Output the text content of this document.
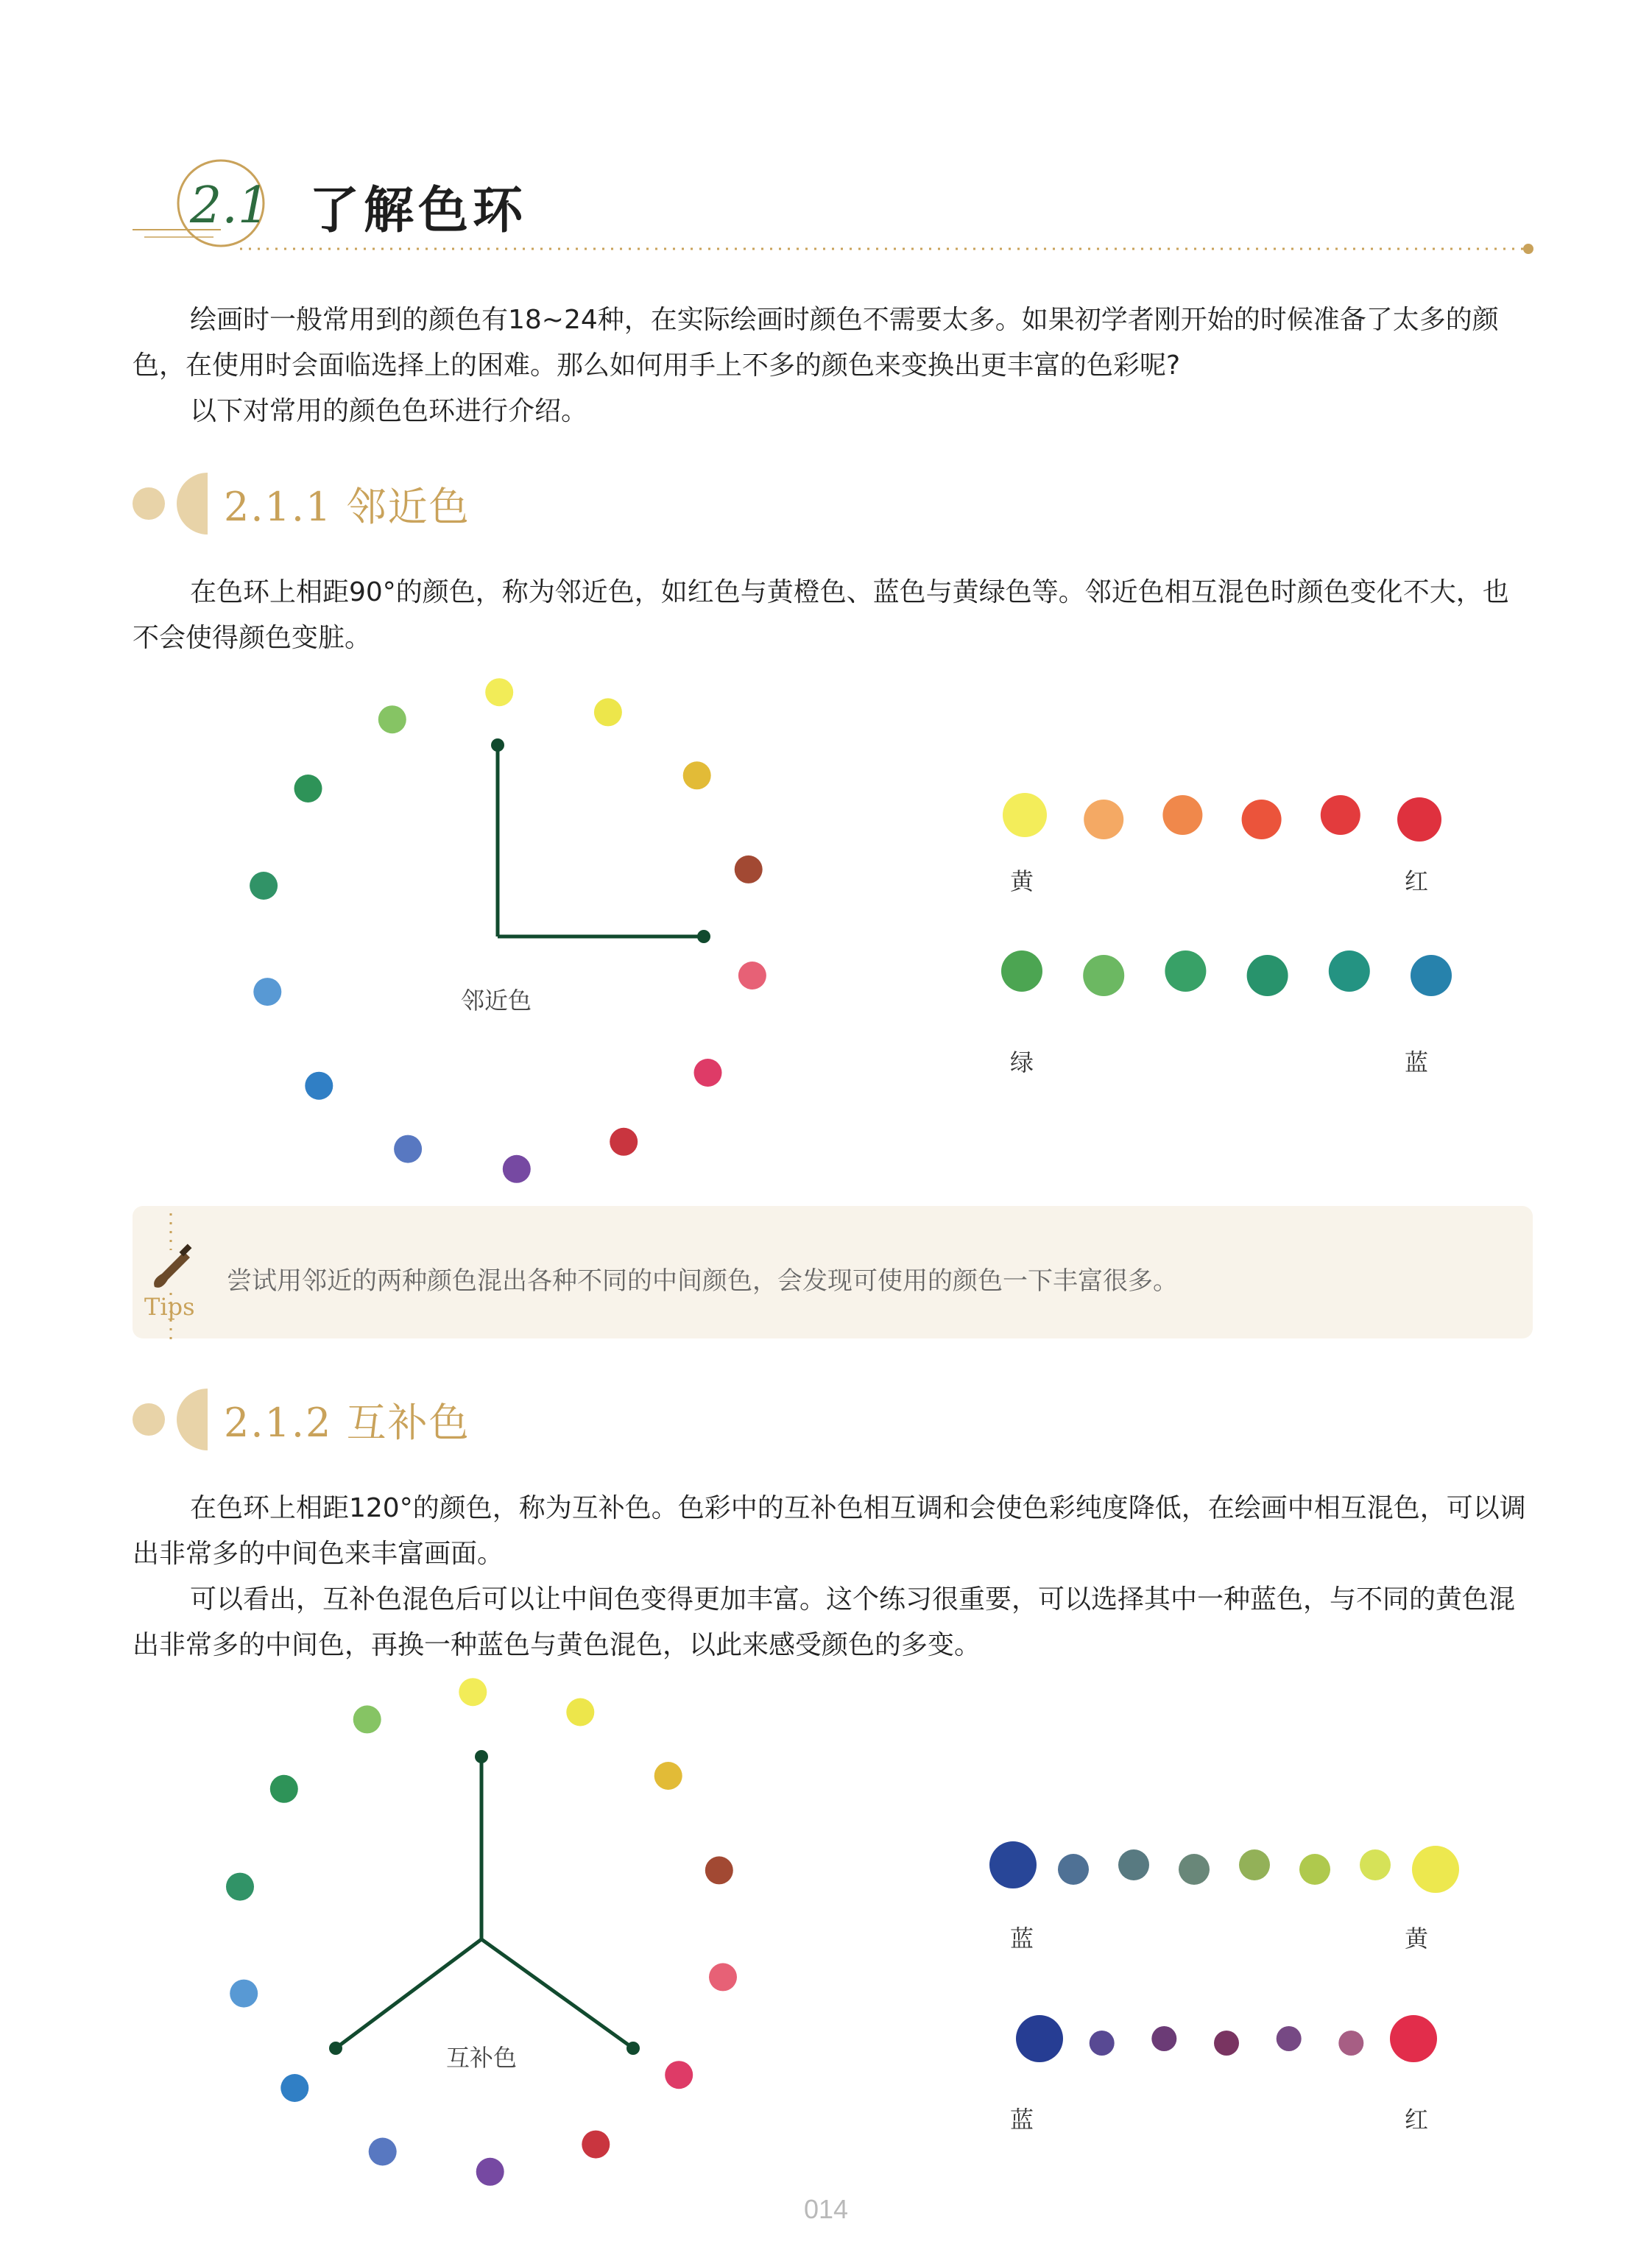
2.1 了解色环

绘画时一般常用到的颜色有18~24种，在实际绘画时颜色不需要太多。如果初学者刚开始的时候准备了太多的颜色，在使用时会面临选择上的困难。那么如何用手上不多的颜色来变换出更丰富的色彩呢?

以下对常用的颜色色环进行介绍。

2.1.1 邻近色

在色环上相距90°的颜色，称为邻近色，如红色与黄橙色、蓝色与黄绿色等。邻近色相互混色时颜色变化不大，也不会使得颜色变脏。

邻近色
黄	红
绿	蓝
Tips
尝试用邻近的两种颜色混出各种不同的中间颜色，会发现可使用的颜色一下丰富很多。
2.1.2 互补色

在色环上相距120°的颜色，称为互补色。色彩中的互补色相互调和会使色彩纯度降低，在绘画中相互混色，可以调出非常多的中间色来丰富画面。

可以看出，互补色混色后可以让中间色变得更加丰富。这个练习很重要，可以选择其中一种蓝色，与不同的黄色混出非常多的中间色，再换一种蓝色与黄色混色，以此来感受颜色的多变。

互补色
蓝	黄
蓝	红
014
